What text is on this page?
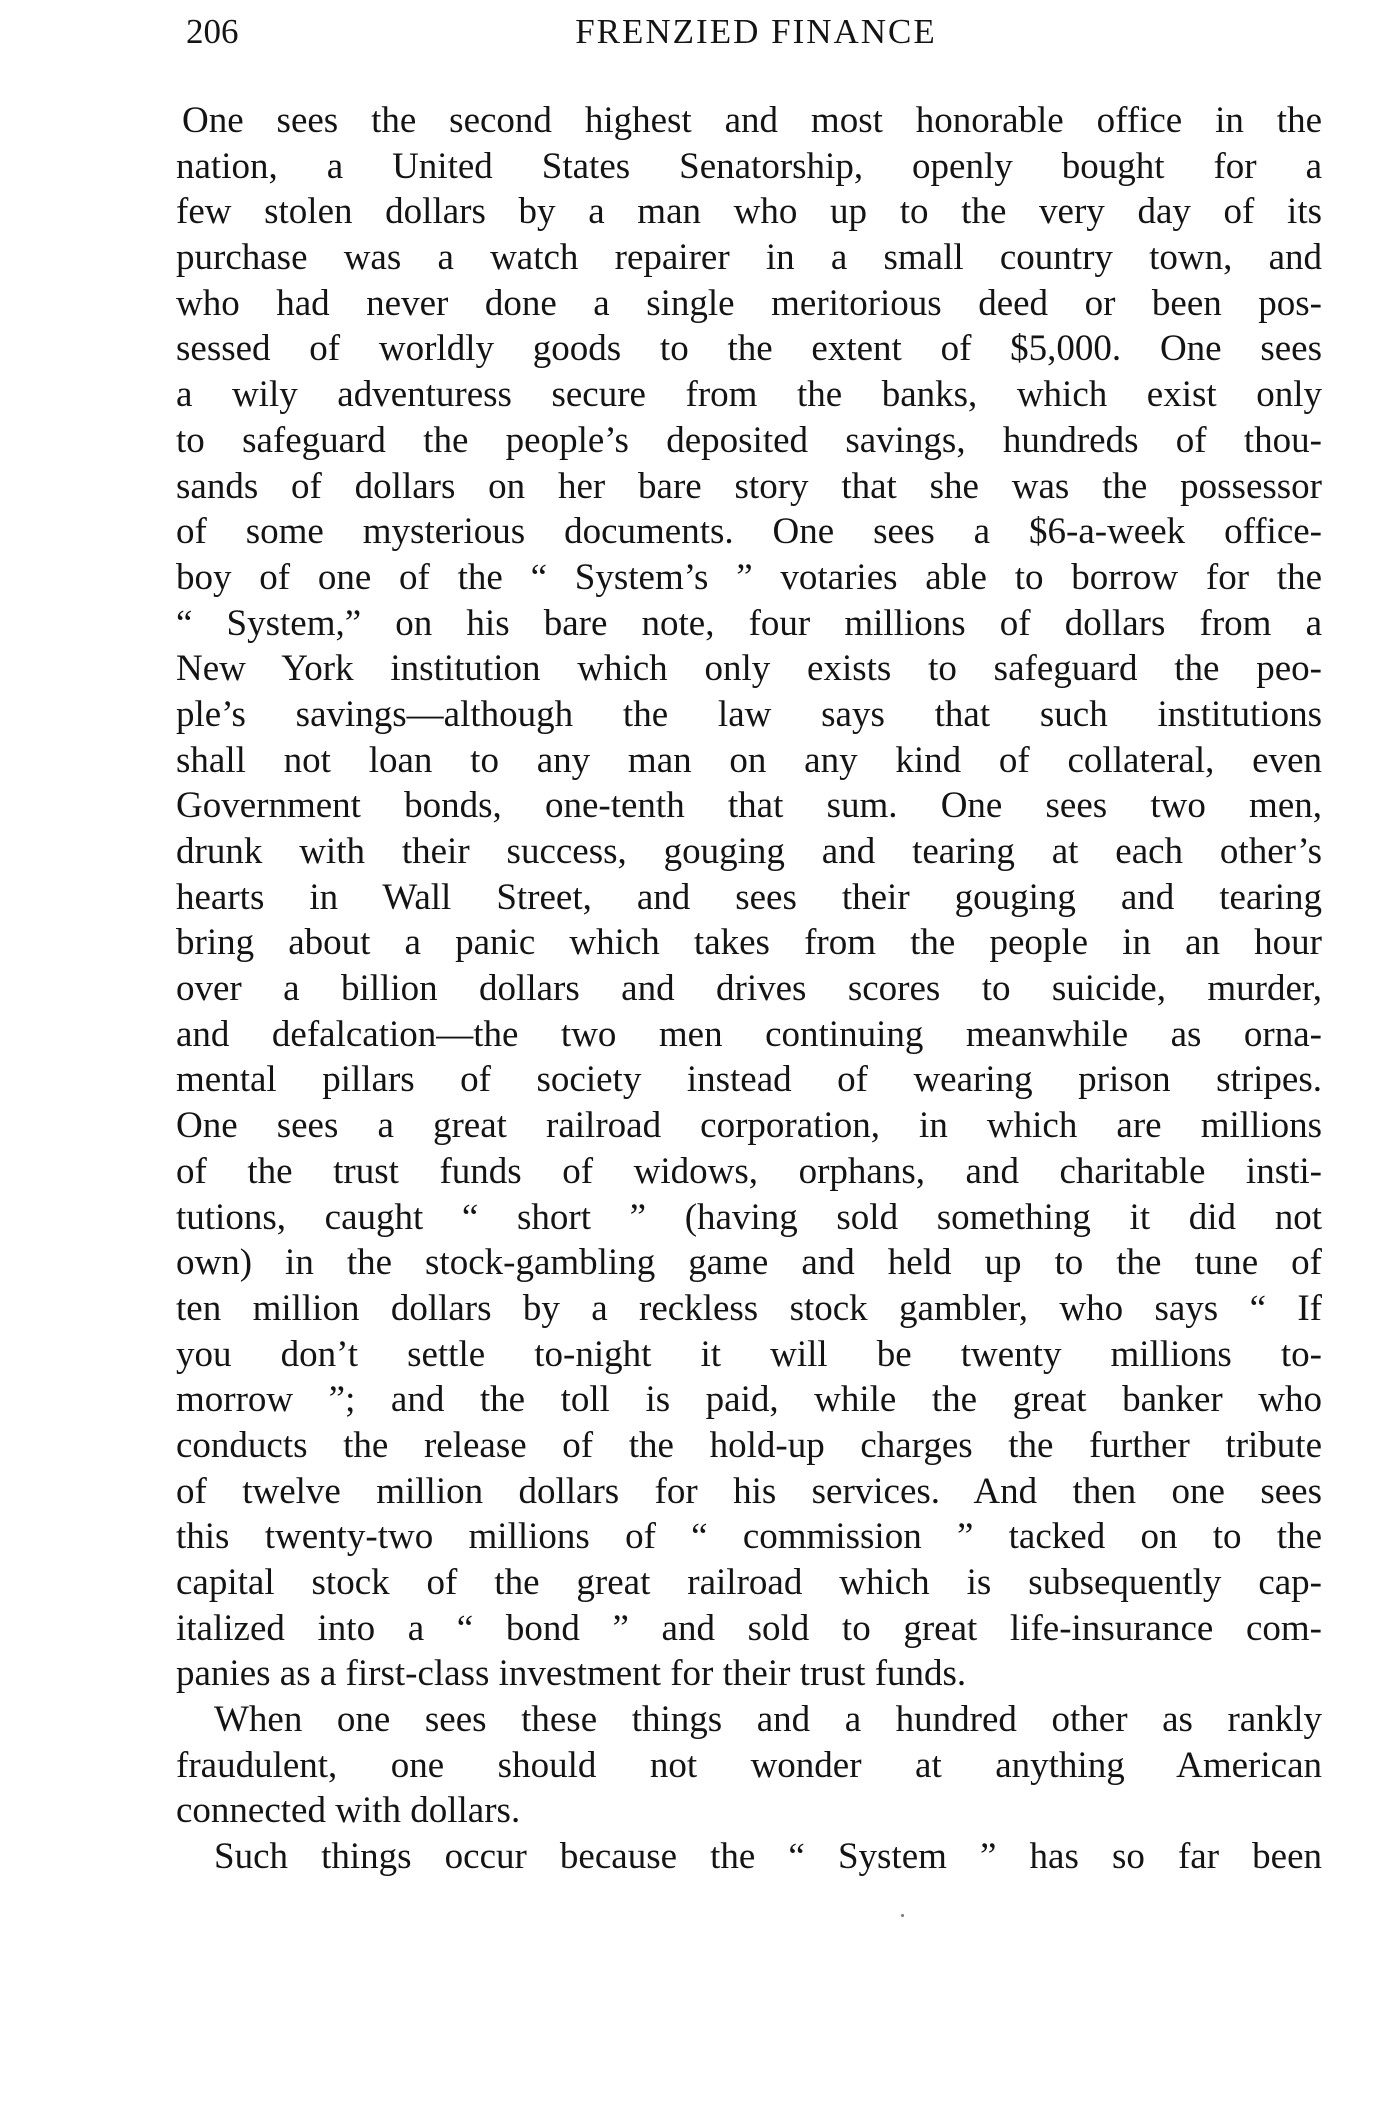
206	FRENZIED FINANCE
One sees the second highest and most honorable office in the
nation, a United States Senatorship, openly bought for a
few stolen dollars by a man who up to the very day of its
purchase was a watch repairer in a small country town, and
who had never done a single meritorious deed or been pos-
sessed of worldly goods to the extent of $5,000. One sees
a wily adventuress secure from the banks, which exist only
to safeguard the people’s deposited savings, hundreds of thou-
sands of dollars on her bare story that she was the possessor
of some mysterious documents. One sees a $6-a-week office-
boy of one of the “ System’s ” votaries able to borrow for the
“ System,” on his bare note, four millions of dollars from a
New York institution which only exists to safeguard the peo-
ple’s savings—although the law says that such institutions
shall not loan to any man on any kind of collateral, even
Government bonds, one-tenth that sum. One sees two men,
drunk with their success, gouging and tearing at each other’s
hearts in Wall Street, and sees their gouging and tearing
bring about a panic which takes from the people in an hour
over a billion dollars and drives scores to suicide, murder,
and defalcation—the two men continuing meanwhile as orna-
mental pillars of society instead of wearing prison stripes.
One sees a great railroad corporation, in which are millions
of the trust funds of widows, orphans, and charitable insti-
tutions, caught “ short ” (having sold something it did not
own) in the stock-gambling game and held up to the tune of
ten million dollars by a reckless stock gambler, who says “ If
you don’t settle to-night it will be twenty millions to-
morrow ”; and the toll is paid, while the great banker who
conducts the release of the hold-up charges the further tribute
of twelve million dollars for his services. And then one sees
this twenty-two millions of “ commission ” tacked on to the
capital stock of the great railroad which is subsequently cap-
italized into a “ bond ” and sold to great life-insurance com-
panies as a first-class investment for their trust funds.
When one sees these things and a hundred other as rankly
fraudulent, one should not wonder at anything American
connected with dollars.
Such things occur because the “ System ” has so far been
